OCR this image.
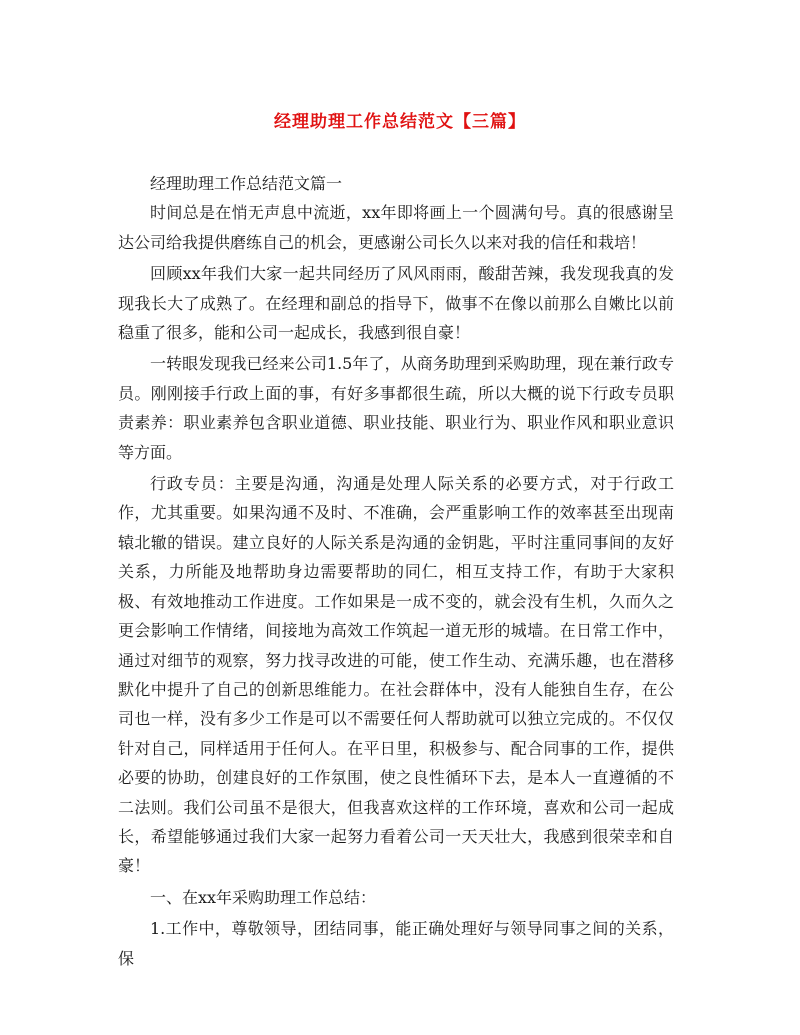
经理助理工作总结范文【三篇】

经理助理工作总结范文篇一

时间总是在悄无声息中流逝，xx年即将画上一个圆满句号。真的很感谢呈达公司给我提供磨练自己的机会，更感谢公司长久以来对我的信任和栽培！

回顾xx年我们大家一起共同经历了风风雨雨，酸甜苦辣，我发现我真的发现我长大了成熟了。在经理和副总的指导下，做事不在像以前那么自嫩比以前稳重了很多，能和公司一起成长，我感到很自豪！

一转眼发现我已经来公司1.5年了，从商务助理到采购助理，现在兼行政专员。刚刚接手行政上面的事，有好多事都很生疏，所以大概的说下行政专员职责素养：职业素养包含职业道德、职业技能、职业行为、职业作风和职业意识等方面。

行政专员：主要是沟通，沟通是处理人际关系的必要方式，对于行政工作，尤其重要。如果沟通不及时、不准确，会严重影响工作的效率甚至出现南辕北辙的错误。建立良好的人际关系是沟通的金钥匙，平时注重同事间的友好关系，力所能及地帮助身边需要帮助的同仁，相互支持工作，有助于大家积极、有效地推动工作进度。工作如果是一成不变的，就会没有生机，久而久之更会影响工作情绪，间接地为高效工作筑起一道无形的城墙。在日常工作中，通过对细节的观察，努力找寻改进的可能，使工作生动、充满乐趣，也在潜移默化中提升了自己的创新思维能力。在社会群体中，没有人能独自生存，在公司也一样，没有多少工作是可以不需要任何人帮助就可以独立完成的。不仅仅针对自己，同样适用于任何人。在平日里，积极参与、配合同事的工作，提供必要的协助，创建良好的工作氛围，使之良性循环下去，是本人一直遵循的不二法则。我们公司虽不是很大，但我喜欢这样的工作环境，喜欢和公司一起成长，希望能够通过我们大家一起努力看着公司一天天壮大，我感到很荣幸和自豪！

一、在xx年采购助理工作总结：

1.工作中，尊敬领导，团结同事，能正确处理好与领导同事之间的关系，保
